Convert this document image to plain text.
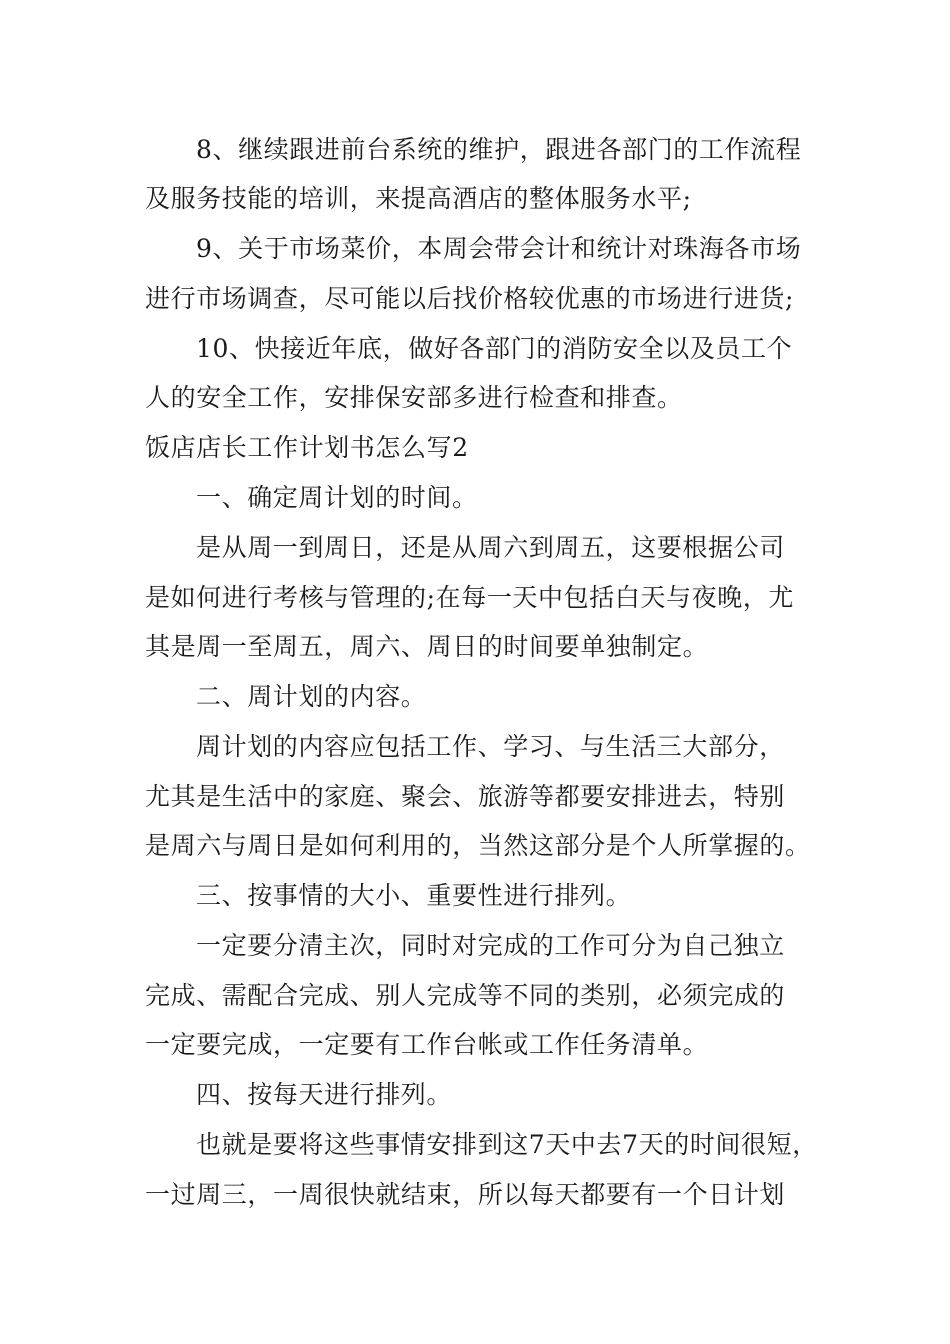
8、继续跟进前台系统的维护，跟进各部门的工作流程
及服务技能的培训，来提高酒店的整体服务水平;
9、关于市场菜价，本周会带会计和统计对珠海各市场
进行市场调查，尽可能以后找价格较优惠的市场进行进货;
10、快接近年底，做好各部门的消防安全以及员工个
人的安全工作，安排保安部多进行检查和排查。
饭店店长工作计划书怎么写2
一、确定周计划的时间。
是从周一到周日，还是从周六到周五，这要根据公司
是如何进行考核与管理的;在每一天中包括白天与夜晚，尤
其是周一至周五，周六、周日的时间要单独制定。
二、周计划的内容。
周计划的内容应包括工作、学习、与生活三大部分，
尤其是生活中的家庭、聚会、旅游等都要安排进去，特别
是周六与周日是如何利用的，当然这部分是个人所掌握的。
三、按事情的大小、重要性进行排列。
一定要分清主次，同时对完成的工作可分为自己独立
完成、需配合完成、别人完成等不同的类别，必须完成的
一定要完成，一定要有工作台帐或工作任务清单。
四、按每天进行排列。
也就是要将这些事情安排到这7天中去7天的时间很短，
一过周三，一周很快就结束，所以每天都要有一个日计划
